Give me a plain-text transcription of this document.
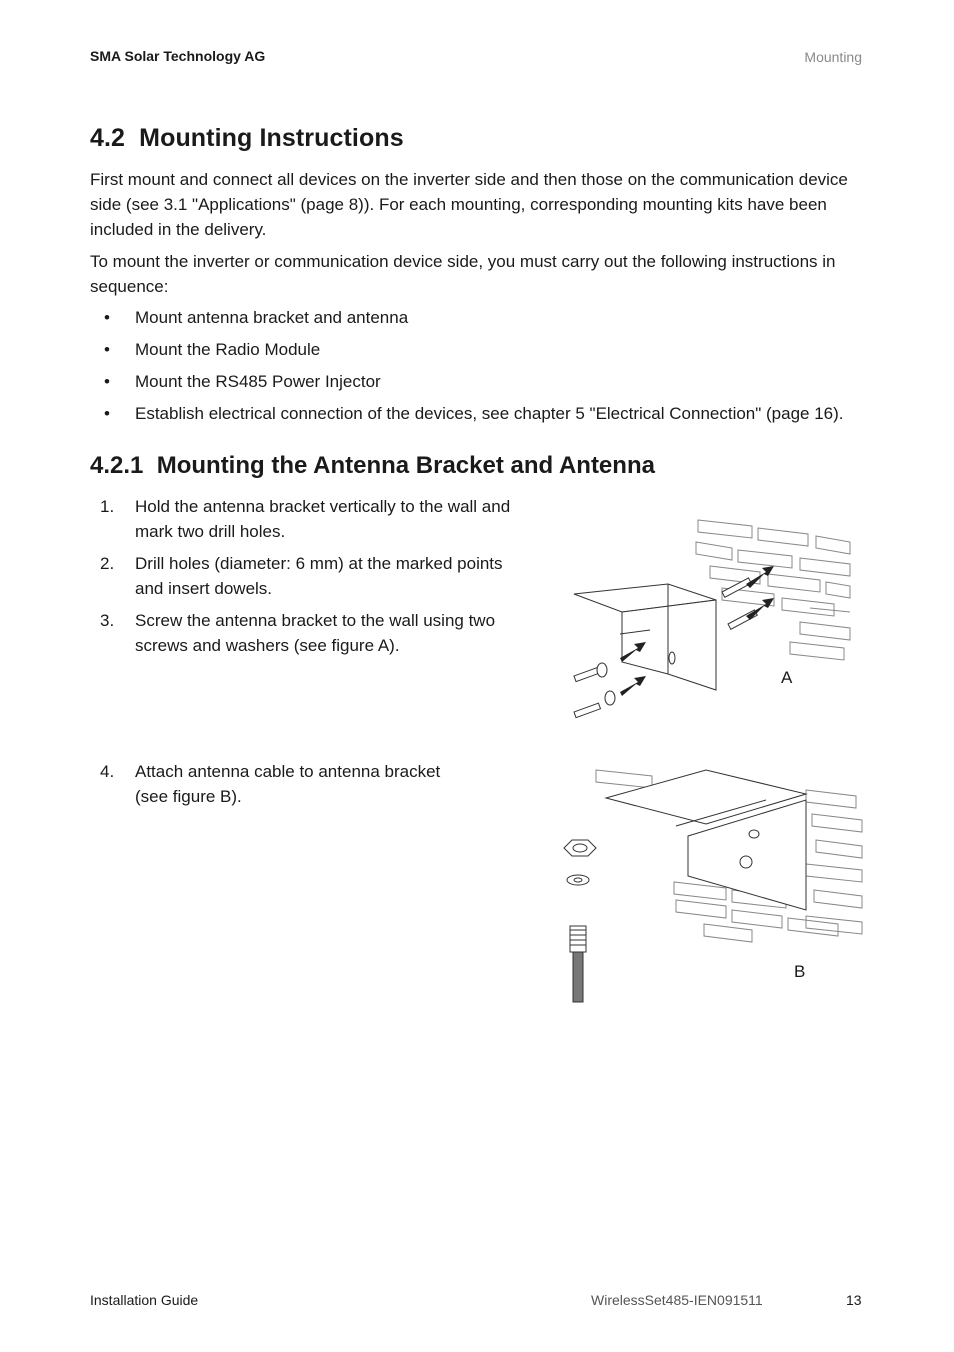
SMA Solar Technology AG	Mounting
4.2  Mounting Instructions
First mount and connect all devices on the inverter side and then those on the communication device side (see 3.1 "Applications" (page 8)). For each mounting, corresponding mounting kits have been included in the delivery.
To mount the inverter or communication device side, you must carry out the following instructions in sequence:
• Mount antenna bracket and antenna
• Mount the Radio Module
• Mount the RS485 Power Injector
• Establish electrical connection of the devices, see chapter 5 "Electrical Connection" (page 16).
4.2.1  Mounting the Antenna Bracket and Antenna
1. Hold the antenna bracket vertically to the wall and mark two drill holes.
2. Drill holes (diameter: 6 mm) at the marked points and insert dowels.
3. Screw the antenna bracket to the wall using two screws and washers (see figure A).
4. Attach antenna cable to antenna bracket (see figure B).
A
B
Installation Guide	WirelessSet485-IEN091511	13
